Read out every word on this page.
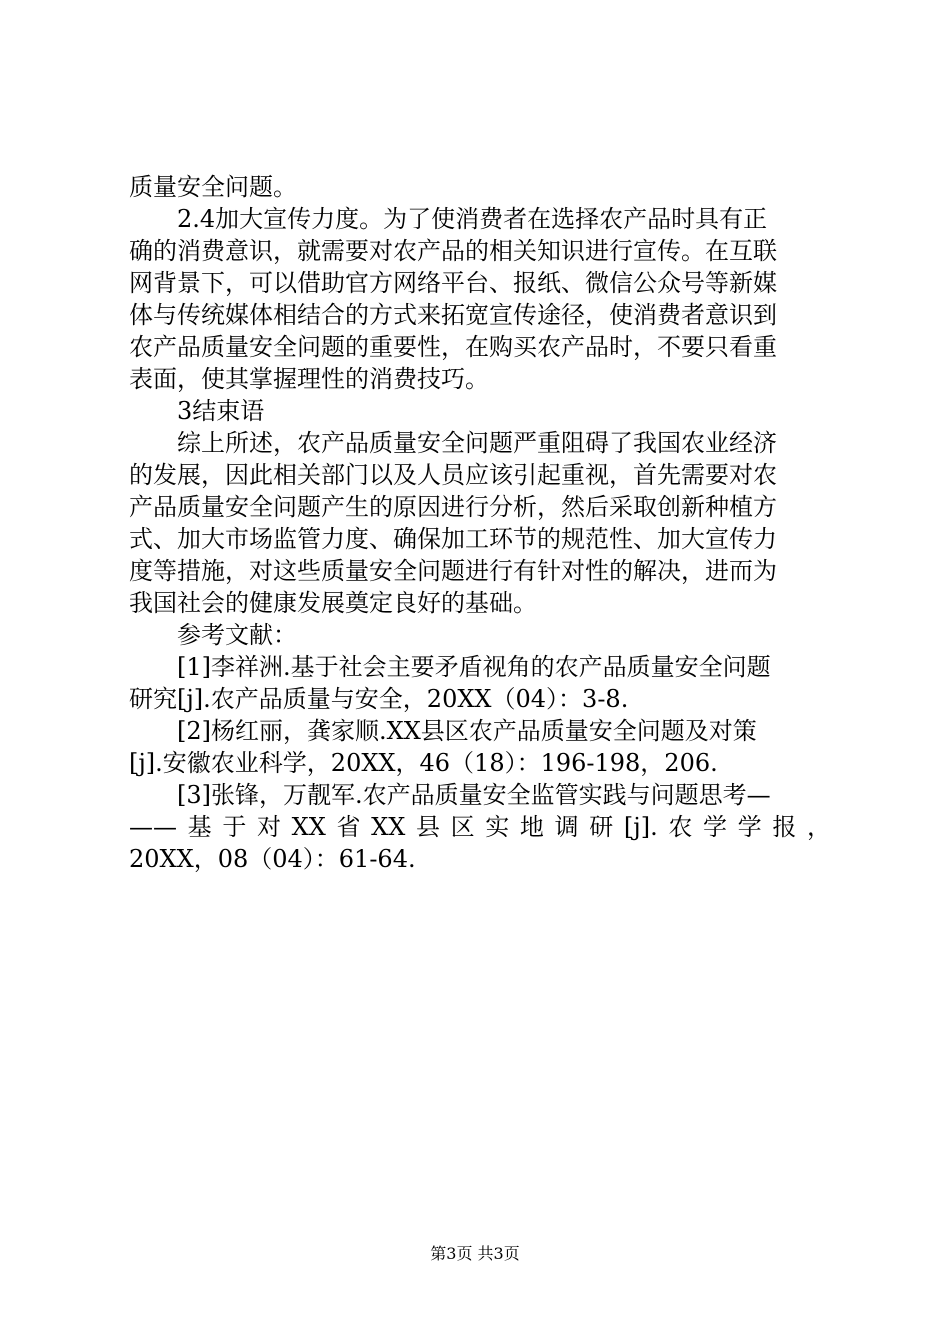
质量安全问题。
2.4加大宣传力度。为了使消费者在选择农产品时具有正
确的消费意识，就需要对农产品的相关知识进行宣传。在互联
网背景下，可以借助官方网络平台、报纸、微信公众号等新媒
体与传统媒体相结合的方式来拓宽宣传途径，使消费者意识到
农产品质量安全问题的重要性，在购买农产品时，不要只看重
表面，使其掌握理性的消费技巧。
3结束语
综上所述，农产品质量安全问题严重阻碍了我国农业经济
的发展，因此相关部门以及人员应该引起重视，首先需要对农
产品质量安全问题产生的原因进行分析，然后采取创新种植方
式、加大市场监管力度、确保加工环节的规范性、加大宣传力
度等措施，对这些质量安全问题进行有针对性的解决，进而为
我国社会的健康发展奠定良好的基础。
参考文献：
[1]李祥洲.基于社会主要矛盾视角的农产品质量安全问题
研究[j].农产品质量与安全，20XX（04）：3-8.
[2]杨红丽，龚家顺.XX县区农产品质量安全问题及对策
[j].安徽农业科学，20XX，46（18）：196-198，206.
[3]张锋，万靓军.农产品质量安全监管实践与问题思考—
——基于对XX省XX县区实地调研[j].农学学报，
20XX，08（04）：61-64.
第3页 共3页
